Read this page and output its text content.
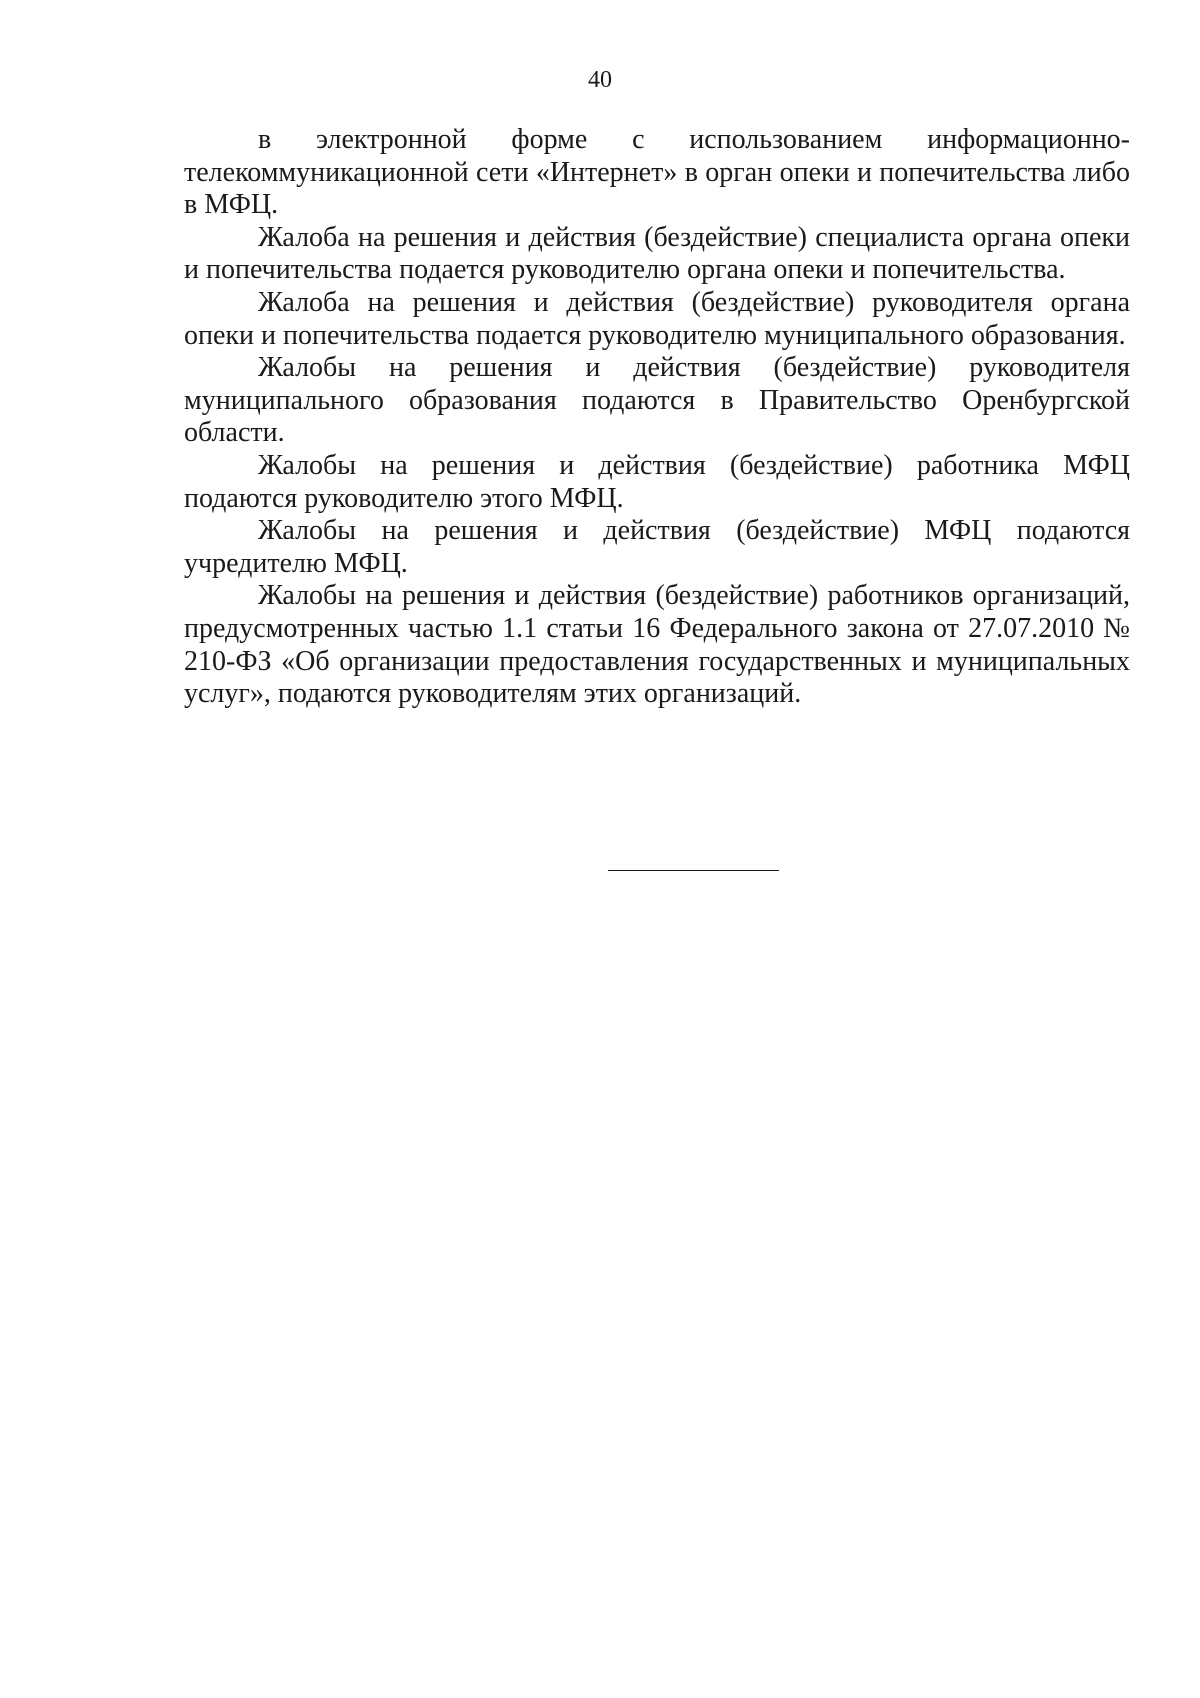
40

в электронной форме с использованием информационно-телекоммуникационной сети «Интернет» в орган опеки и попечительства либо в МФЦ.

Жалоба на решения и действия (бездействие) специалиста органа опеки и попечительства подается руководителю органа опеки и попечительства.

Жалоба на решения и действия (бездействие) руководителя органа опеки и попечительства подается руководителю муниципального образования.

Жалобы на решения и действия (бездействие) руководителя муниципального образования подаются в Правительство Оренбургской области.

Жалобы на решения и действия (бездействие) работника МФЦ подаются руководителю этого МФЦ.

Жалобы на решения и действия (бездействие) МФЦ подаются учредителю МФЦ.

Жалобы на решения и действия (бездействие) работников организаций, предусмотренных частью 1.1 статьи 16 Федерального закона от 27.07.2010 № 210-ФЗ «Об организации предоставления государственных и муниципальных услуг», подаются руководителям этих организаций.
